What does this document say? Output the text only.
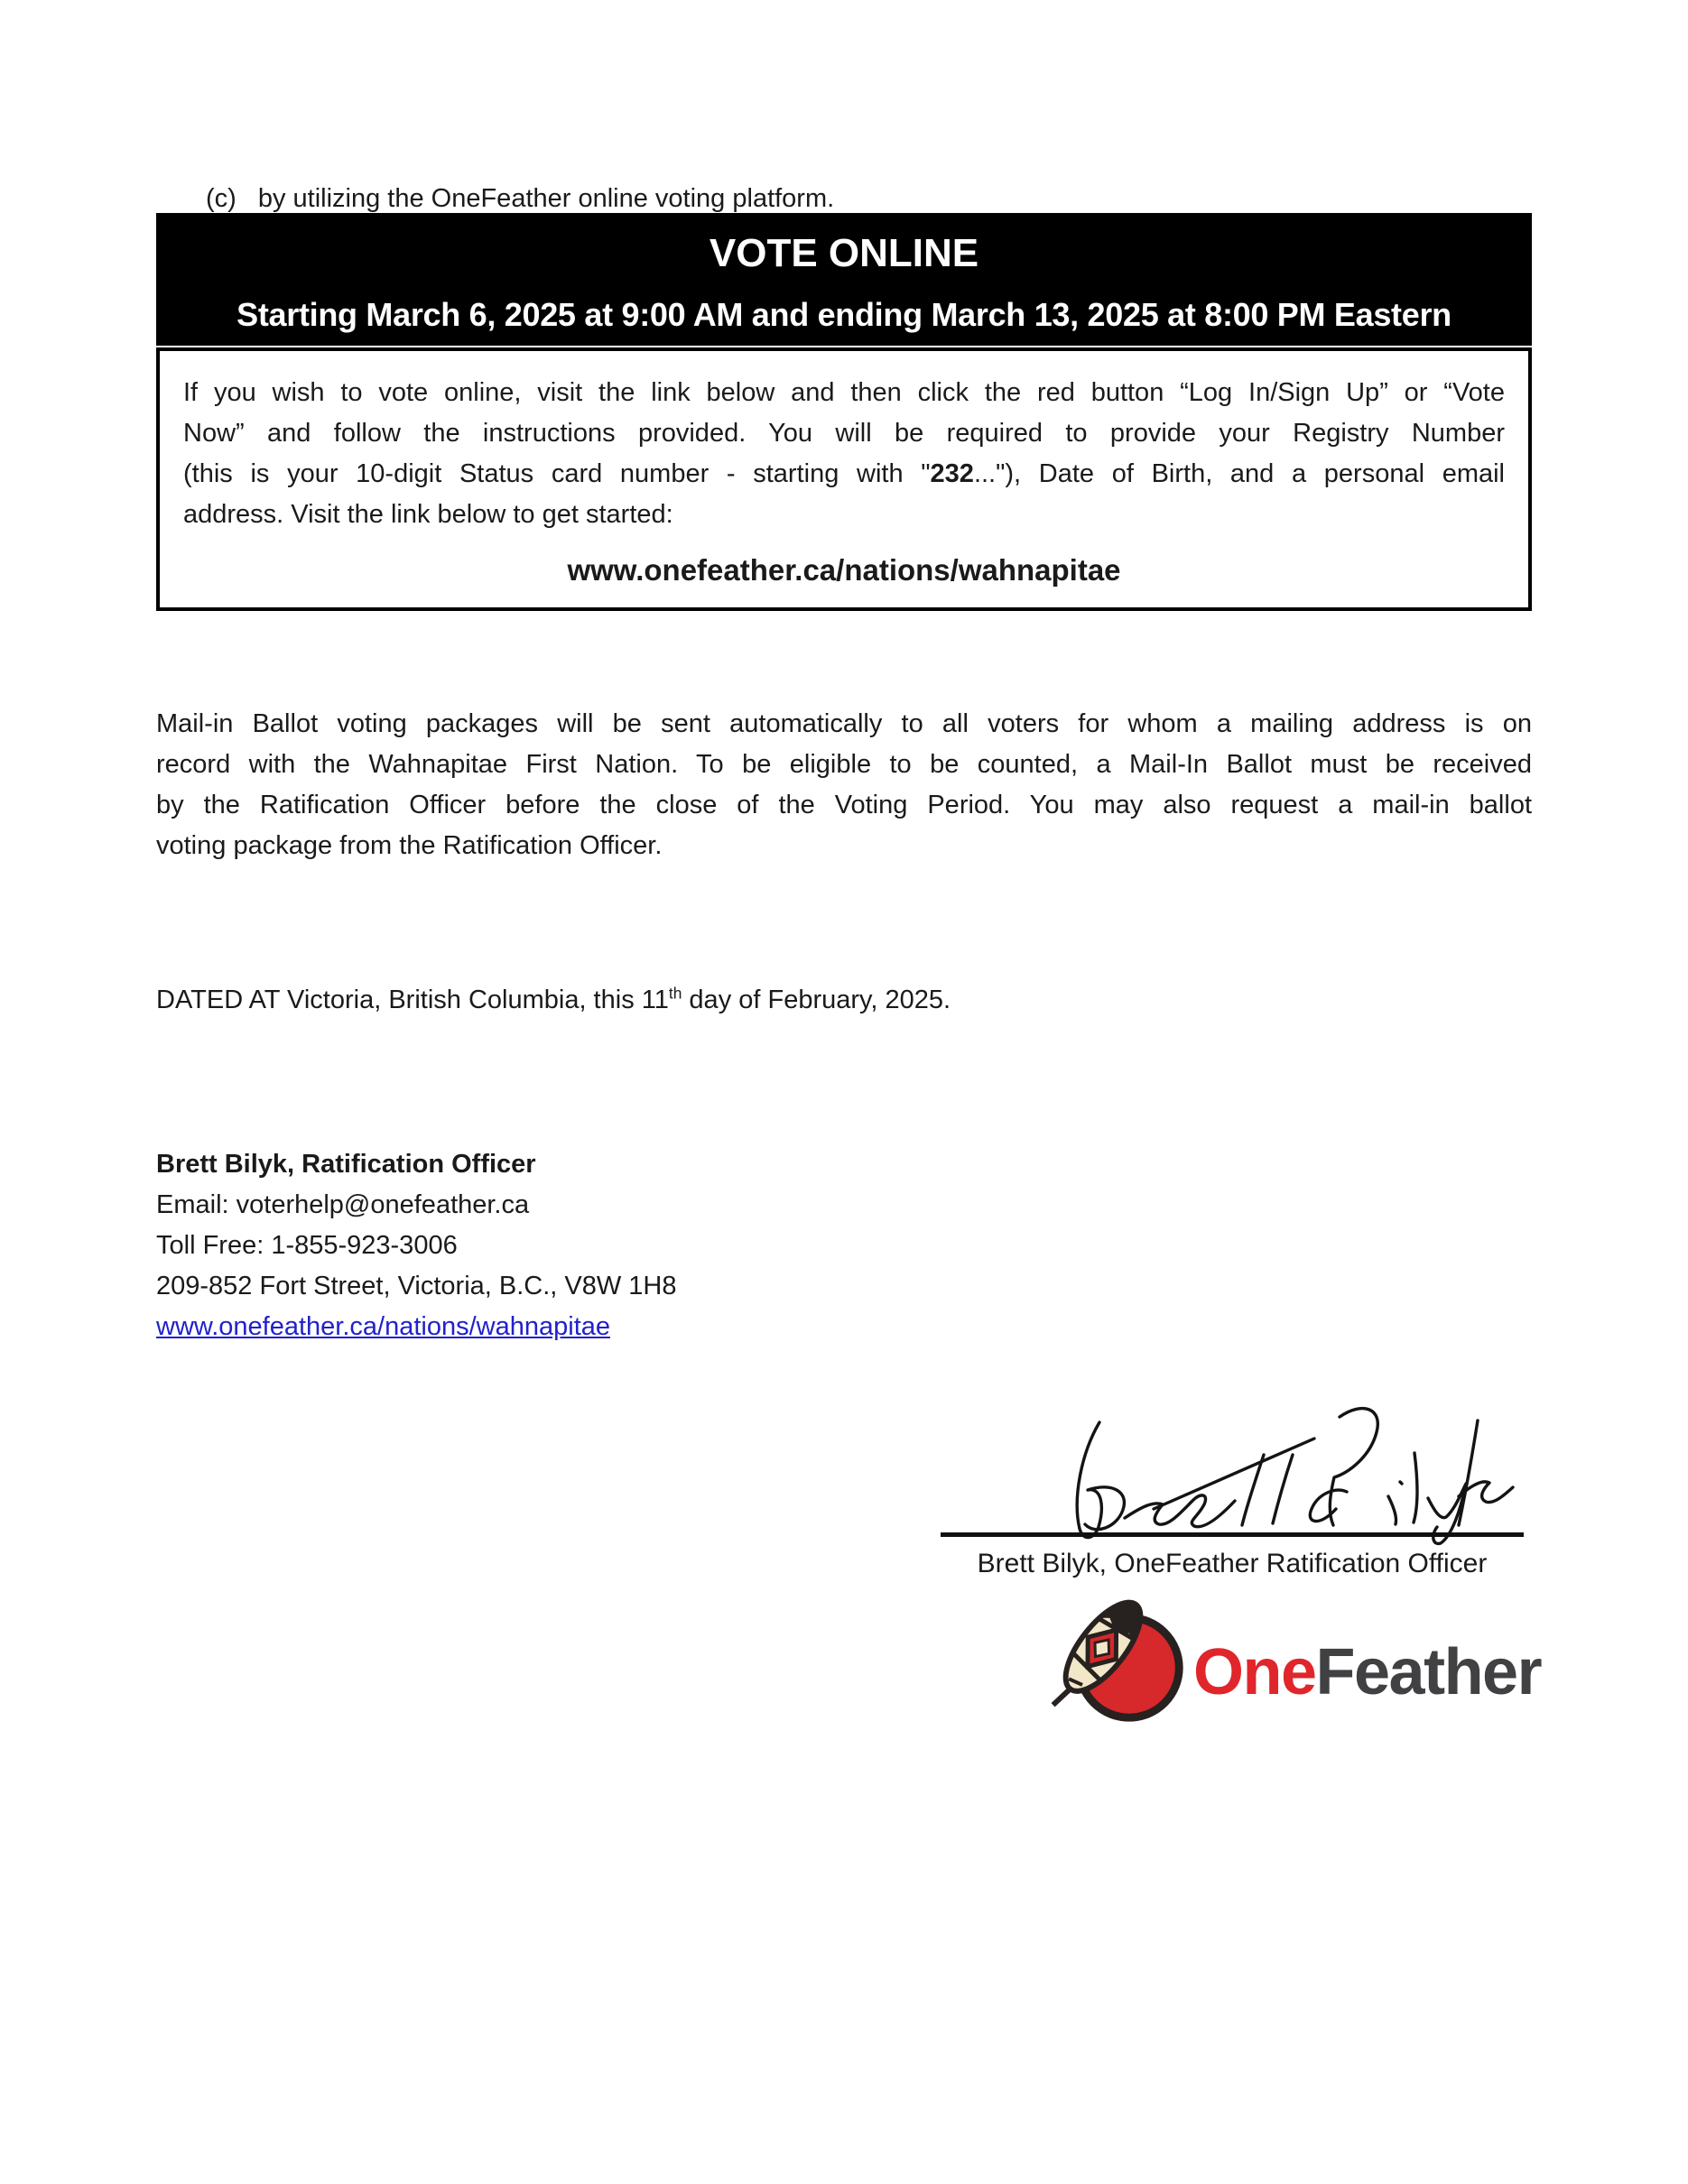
(c) by utilizing the OneFeather online voting platform.
VOTE ONLINE
Starting March 6, 2025 at 9:00 AM and ending March 13, 2025 at 8:00 PM Eastern
If you wish to vote online, visit the link below and then click the red button “Log In/Sign Up” or “Vote
Now” and follow the instructions provided. You will be required to provide your Registry Number
(this is your 10-digit Status card number - starting with "232..."), Date of Birth, and a personal email
address. Visit the link below to get started:
www.onefeather.ca/nations/wahnapitae
Mail-in Ballot voting packages will be sent automatically to all voters for whom a mailing address is on
record with the Wahnapitae First Nation. To be eligible to be counted, a Mail-In Ballot must be received
by the Ratification Officer before the close of the Voting Period. You may also request a mail-in ballot
voting package from the Ratification Officer.
DATED AT Victoria, British Columbia, this 11th day of February, 2025.
Brett Bilyk, Ratification Officer
Email: voterhelp@onefeather.ca
Toll Free: 1-855-923-3006
209-852 Fort Street, Victoria, B.C., V8W 1H8
www.onefeather.ca/nations/wahnapitae
Brett Bilyk, OneFeather Ratification Officer
OneFeather
